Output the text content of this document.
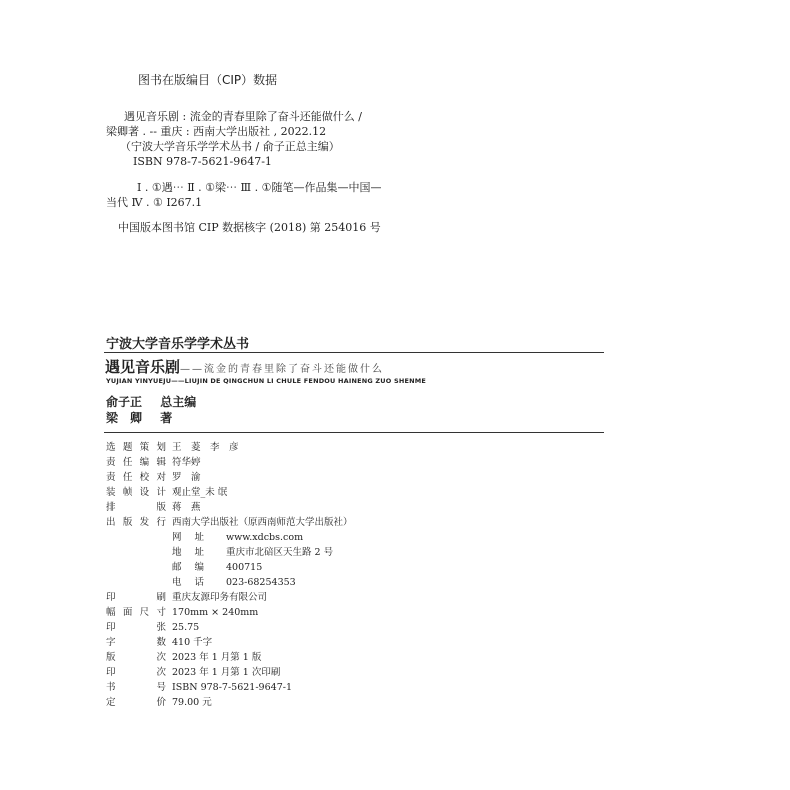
图书在版编目（CIP）数据
遇见音乐剧 : 流金的青春里除了奋斗还能做什么 /
梁卿著 . -- 重庆 : 西南大学出版社 , 2022.12
（宁波大学音乐学学术丛书 / 俞子正总主编）
ISBN 978-7-5621-9647-1
Ⅰ . ①遇⋯ Ⅱ . ①梁⋯ Ⅲ . ①随笔—作品集—中国—
当代 Ⅳ . ① I267.1
中国版本图书馆 CIP 数据核字 (2018) 第 254016 号
宁波大学音乐学学术丛书
遇见音乐剧——流金的青春里除了奋斗还能做什么
YUJIAN YINYUEJU——LIUJIN DE QINGCHUN LI CHULE FENDOU HAINENG ZUO SHENME
俞子正 总主编
梁　卿 著
选题策划 王　菱　李　彦
责任编辑 符华婷
责任校对 罗　渝
装帧设计 观止堂_未 氓
排版 蒋　燕
出版发行 西南大学出版社（原西南师范大学出版社）
网址 www.xdcbs.com
地址 重庆市北碚区天生路 2 号
邮编 400715
电话 023-68254353
印刷 重庆友源印务有限公司
幅面尺寸 170mm × 240mm
印张 25.75
字数 410 千字
版次 2023 年 1 月第 1 版
印次 2023 年 1 月第 1 次印刷
书号 ISBN 978-7-5621-9647-1
定价 79.00 元
